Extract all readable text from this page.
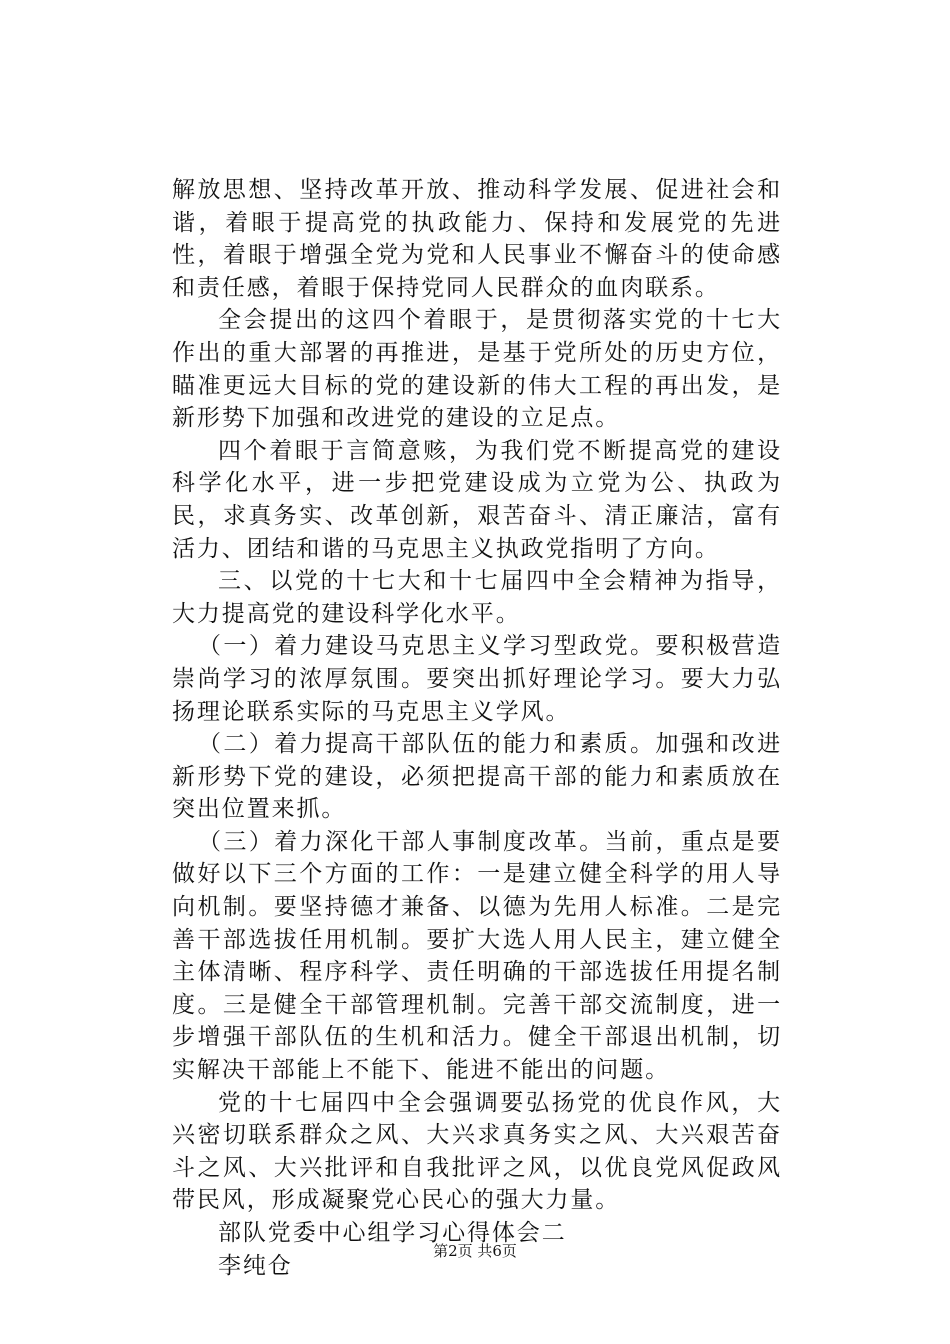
解放思想、坚持改革开放、推动科学发展、促进社会和谐，着眼于提高党的执政能力、保持和发展党的先进性，着眼于增强全党为党和人民事业不懈奋斗的使命感和责任感，着眼于保持党同人民群众的血肉联系。

全会提出的这四个着眼于，是贯彻落实党的十七大作出的重大部署的再推进，是基于党所处的历史方位，瞄准更远大目标的党的建设新的伟大工程的再出发，是新形势下加强和改进党的建设的立足点。

四个着眼于言简意赅，为我们党不断提高党的建设科学化水平，进一步把党建设成为立党为公、执政为民，求真务实、改革创新，艰苦奋斗、清正廉洁，富有活力、团结和谐的马克思主义执政党指明了方向。

三、以党的十七大和十七届四中全会精神为指导，大力提高党的建设科学化水平。

（一）着力建设马克思主义学习型政党。要积极营造崇尚学习的浓厚氛围。要突出抓好理论学习。要大力弘扬理论联系实际的马克思主义学风。

（二）着力提高干部队伍的能力和素质。加强和改进新形势下党的建设，必须把提高干部的能力和素质放在突出位置来抓。

（三）着力深化干部人事制度改革。当前，重点是要做好以下三个方面的工作：一是建立健全科学的用人导向机制。要坚持德才兼备、以德为先用人标准。二是完善干部选拔任用机制。要扩大选人用人民主，建立健全主体清晰、程序科学、责任明确的干部选拔任用提名制度。三是健全干部管理机制。完善干部交流制度，进一步增强干部队伍的生机和活力。健全干部退出机制，切实解决干部能上不能下、能进不能出的问题。

党的十七届四中全会强调要弘扬党的优良作风，大兴密切联系群众之风、大兴求真务实之风、大兴艰苦奋斗之风、大兴批评和自我批评之风，以优良党风促政风带民风，形成凝聚党心民心的强大力量。

部队党委中心组学习心得体会二

李纯仓

第2页 共6页
